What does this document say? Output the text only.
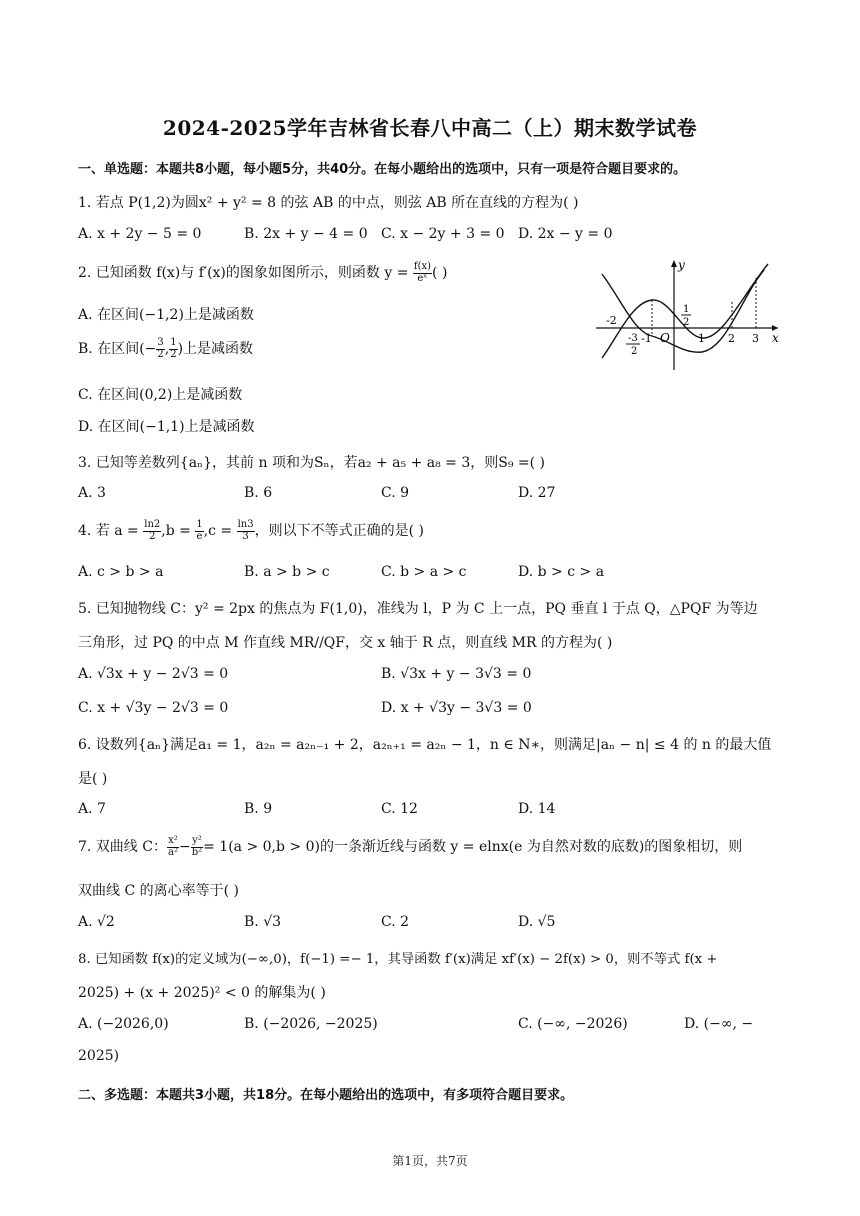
2024-2025学年吉林省长春八中高二（上）期末数学试卷
一、单选题：本题共8小题，每小题5分，共40分。在每小题给出的选项中，只有一项是符合题目要求的。
1. 若点 P(1,2)为圆x² + y² = 8 的弦 AB 的中点，则弦 AB 所在直线的方程为( )
A. x + 2y − 5 = 0	B. 2x + y − 4 = 0 C. x − 2y + 3 = 0 D. 2x − y = 0
2. 已知函数 f(x)与 f′(x)的图象如图所示，则函数 $y = \frac{f(x)}{\text{eˣ}}$ ( )
A. 在区间(−1,2)上是减函数
B. 在区间(− $\frac{3}{2}$ , $\frac{1}{2}$ )上是减函数
C. 在区间(0,2)上是减函数
D. 在区间(−1,1)上是减函数
y
x
O
-2
-1	1 2 3
1
2
-3
2
3. 已知等差数列{aₙ}，其前 n 项和为Sₙ，若a₂ + a₅ + a₈ = 3，则S₉ =( )
A. 3	B. 6	C. 9	D. 27
4. 若 $a = \frac{\ln 2}{2} ,b = \frac{1}{e} ,c = \frac{\ln 3}{3}$ ，则以下不等式正确的是( )
A. c > b > a	B. a > b > c	C. b > a > c	D. b > c > a
5. 已知抛物线 C：y² = 2px 的焦点为 F(1,0)，准线为 l，P 为 C 上一点，PQ 垂直 l 于点 Q，△PQF 为等边
三角形，过 PQ 的中点 M 作直线 MR//QF，交 x 轴于 R 点，则直线 MR 的方程为( )
A. √3x + y − 2√3 = 0	B. √3x + y − 3√3 = 0
C. x + √3y − 2√3 = 0	D. x + √3y − 3√3 = 0
6. 设数列{aₙ}满足a₁ = 1，a₂ₙ = a₂ₙ₋₁ + 2，a₂ₙ₊₁ = a₂ₙ − 1，n ∈ N∗，则满足|aₙ − n| ≤ 4 的 n 的最大值
是( )
A. 7	B. 9	C. 12	D. 14
7. 双曲线 C： $\frac{\text{x²}}{\text{a²}} - \frac{\text{y²}}{\text{b²}} = 1(a > 0,b > 0)$的一条渐近线与函数 y = elnx(e 为自然对数的底数)的图象相切，则
双曲线 C 的离心率等于( )
A. √2	B. √3	C. 2	D. √5
8. 已知函数 f(x)的定义域为(−∞,0)，f(−1) =− 1，其导函数 f′(x)满足 xf′(x) − 2f(x) > 0，则不等式 f(x +
2025) + (x + 2025)² < 0 的解集为( )
A. (−2026,0)	B. (−2026, −2025)	C. (−∞, −2026)	D. (−∞, −
2025)
二、多选题：本题共3小题，共18分。在每小题给出的选项中，有多项符合题目要求。
第1页，共7页
